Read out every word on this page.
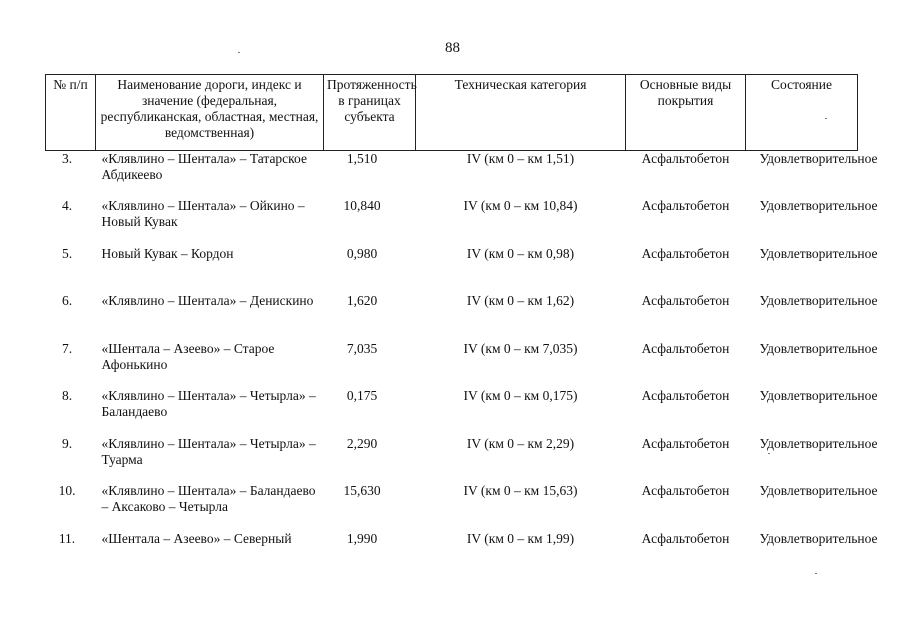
88
№ п/п	Наименование дороги, индекс и значение (федеральная, республиканская, областная, местная, ведомственная)	Протяженность в границах субъекта	Техническая категория	Основные виды покрытия	Состояние
3.	«Клявлино – Шентала» – Татарское Абдикеево	1,510	IV (км 0 – км 1,51)	Асфальтобетон	Удовлетворительное
4.	«Клявлино – Шентала» – Ойкино – Новый Кувак	10,840	IV (км 0 – км 10,84)	Асфальтобетон	Удовлетворительное
5.	Новый Кувак – Кордон	0,980	IV (км 0 – км 0,98)	Асфальтобетон	Удовлетворительное
6.	«Клявлино – Шентала» – Денискино	1,620	IV (км 0 – км 1,62)	Асфальтобетон	Удовлетворительное
7.	«Шентала – Азеево» – Старое Афонькино	7,035	IV (км 0 – км 7,035)	Асфальтобетон	Удовлетворительное
8.	«Клявлино – Шентала» – Четырла» – Баландаево	0,175	IV (км 0 – км 0,175)	Асфальтобетон	Удовлетворительное
9.	«Клявлино – Шентала» – Четырла» – Туарма	2,290	IV (км 0 – км 2,29)	Асфальтобетон	Удовлетворительное
10.	«Клявлино – Шентала» – Баландаево – Аксаково – Четырла	15,630	IV (км 0 – км 15,63)	Асфальтобетон	Удовлетворительное
11.	«Шентала – Азеево» – Северный	1,990	IV (км 0 – км 1,99)	Асфальтобетон	Удовлетворительное
